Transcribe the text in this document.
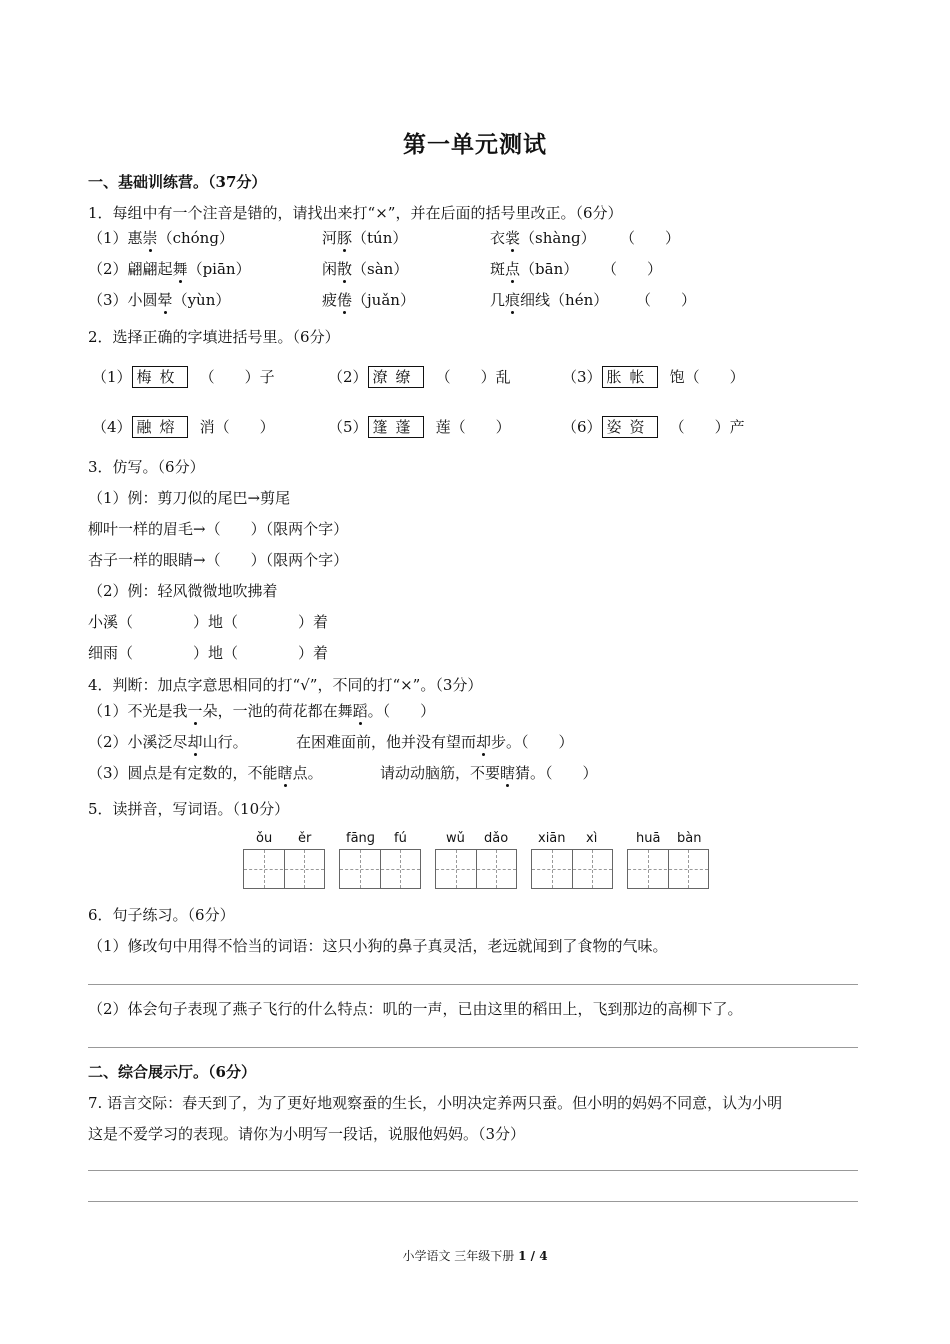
第一单元测试
一、基础训练营。（37分）
1．每组中有一个注音是错的，请找出来打“×”，并在后面的括号里改正。（6分）
（1）惠崇（chónɡ）	河豚（tún）	衣裳（shànɡ） （　　）
（2）翩翩起舞（piān）	闲散（sàn）	斑点（bān） （　　）
（3）小圆晕（yùn）	疲倦（juǎn）	几痕细线（hén） （　　）
2．选择正确的字填进括号里。（6分）
（1） 梅枚 （　　）子	（2） 潦缭 （　　）乱	（3） 胀帐 饱（　　）
（4） 融熔 消（　　）	（5） 篷蓬 莲（　　）	（6） 姿资 （　　）产
3．仿写。（6分）
（1）例：剪刀似的尾巴→剪尾
柳叶一样的眉毛→（　　）（限两个字）
杏子一样的眼睛→（　　）（限两个字）
（2）例：轻风微微地吹拂着
小溪（　　　　）地（　　　　）着
细雨（　　　　）地（　　　　）着
4．判断：加点字意思相同的打“√”，不同的打“×”。（3分）
（1）不光是我一朵，一池的荷花都在舞蹈。（　　）
（2）小溪泛尽却山行。	在困难面前，他并没有望而却步。（　　）
（3）圆点是有定数的，不能瞎点。	请动动脑筋，不要瞎猜。（　　）
5．读拼音，写词语。（10分）
ǒu ěr	fānɡ fú	wǔ dǎo xiān xì	huā bàn
6．句子练习。（6分）
（1）修改句中用得不恰当的词语：这只小狗的鼻子真灵活，老远就闻到了食物的气味。
（2）体会句子表现了燕子飞行的什么特点：叽的一声，已由这里的稻田上，飞到那边的高柳下了。
二、综合展示厅。（6分）
7. 语言交际：春天到了，为了更好地观察蚕的生长，小明决定养两只蚕。但小明的妈妈不同意，认为小明
这是不爱学习的表现。请你为小明写一段话，说服他妈妈。（3分）
小学语文 三年级下册 1 / 4
